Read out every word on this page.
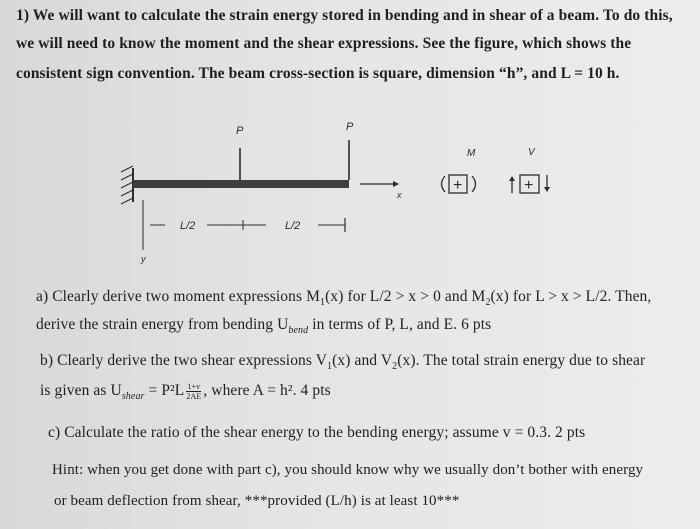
1) We will want to calculate the strain energy stored in bending and in shear of a beam. To do this,
we will need to know the moment and the shear expressions. See the figure, which shows the
consistent sign convention. The beam cross-section is square, dimension “h”, and L = 10 h.
P	P
x
y
L/2	L/2
M
+
V
+
a) Clearly derive two moment expressions $M_1(x)$ for L/2 > x > 0 and $M_2(x)$ for L > x > L/2. Then,
derive the strain energy from bending $U_{bend}$ in terms of P, L, and E. 6 pts
b) Clearly derive the two shear expressions $V_1(x)$ and $V_2(x)$. The total strain energy due to shear
is given as $U_{shear} = P^2L \frac{1+v}{2AE}$ , where A = h². 4 pts
c) Calculate the ratio of the shear energy to the bending energy; assume v = 0.3. 2 pts
Hint: when you get done with part c), you should know why we usually don’t bother with energy
or beam deflection from shear, ***provided (L/h) is at least 10***
